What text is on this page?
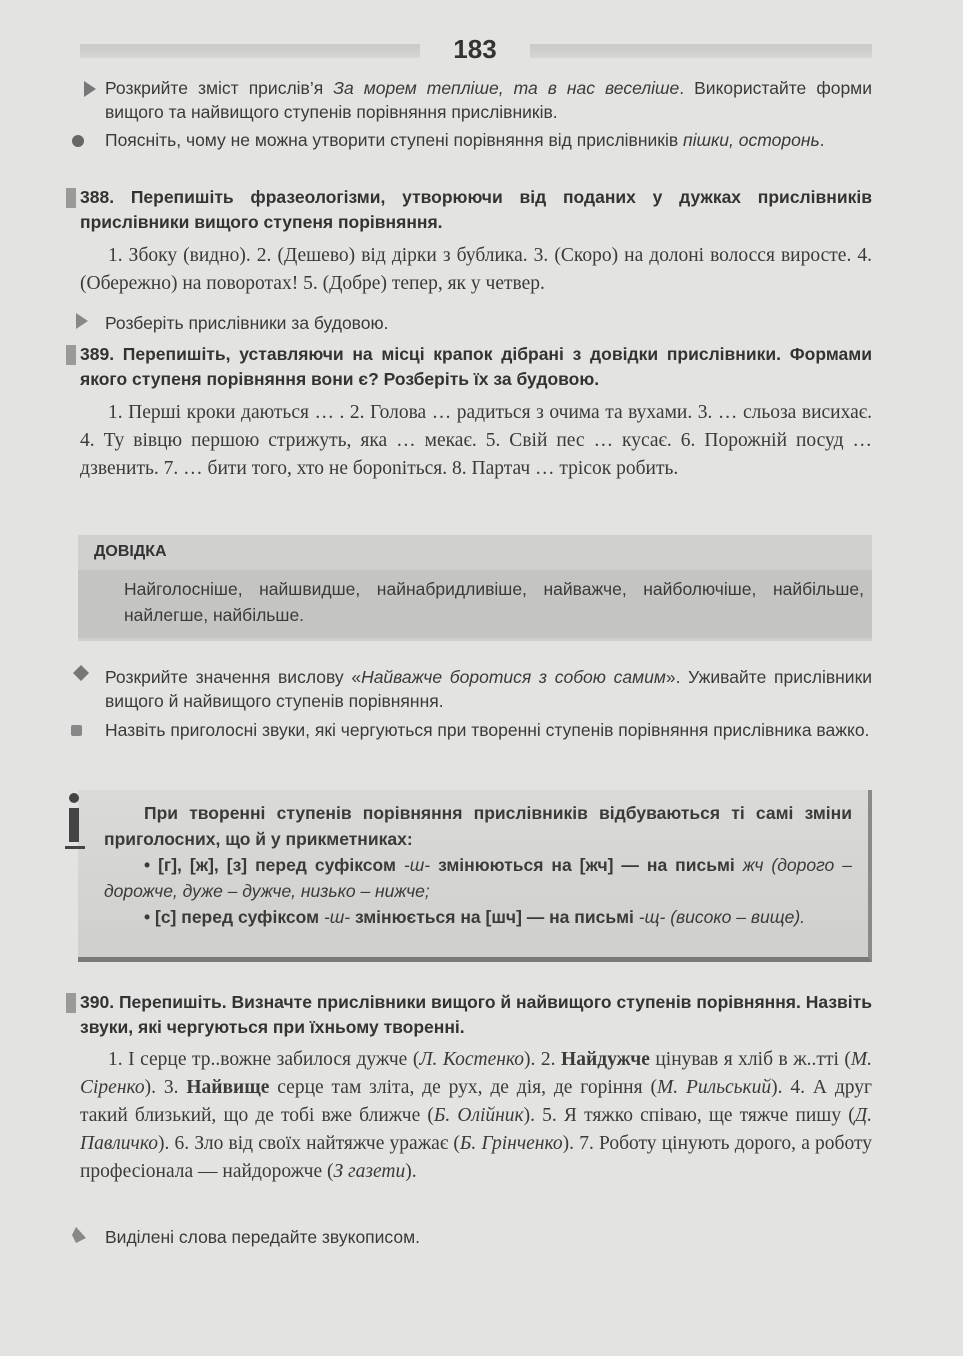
183
Розкрийте зміст прислів’я За морем тепліше, та в нас веселіше. Використайте форми вищого та найвищого ступенів порівняння прислівників.
Поясніть, чому не можна утворити ступені порівняння від прислівників пішки, осторонь.
388. Перепишіть фразеологізми, утворюючи від поданих у дужках прислівників прислівники вищого ступеня порівняння.
1. Збоку (видно). 2. (Дешево) від дірки з бублика. 3. (Скоро) на долоні волосся виросте. 4. (Обережно) на поворотах! 5. (Добре) тепер, як у четвер.
Розберіть прислівники за будовою.
389. Перепишіть, уставляючи на місці крапок дібрані з довідки прислівники. Формами якого ступеня порівняння вони є? Розберіть їх за будовою.
1. Перші кроки даються … . 2. Голова … радиться з очима та вухами. 3. … сльоза висихає. 4. Ту вівцю першою стрижуть, яка … мекає. 5. Свій пес … кусає. 6. Порожній посуд … дзвенить. 7. … бити того, хто не бороniться. 8. Партач … трісок робить.
ДОВІДКА
Найголосніше, найшвидше, найнабридливіше, найважче, найболючіше, найбільше, найлегше, найбільше.
Розкрийте значення вислову «Найважче боротися з собою самим». Уживайте прислівники вищого й найвищого ступенів порівняння.
Назвіть приголосні звуки, які чергуються при творенні ступенів порівняння прислівника важко.
При творенні ступенів порівняння прислівників відбуваються ті самі зміни приголосних, що й у прикметниках:
• [г], [ж], [з] перед суфіксом -ш- змінюються на [жч] — на письмі жч (дорого – дорожче, дуже – дужче, низько – нижче;
• [с] перед суфіксом -ш- змінюється на [шч] — на письмі -щ- (високо – вище).
390. Перепишіть. Визначте прислівники вищого й найвищого ступенів порівняння. Назвіть звуки, які чергуються при їхньому творенні.
1. І серце тр..вожне забилося дужче (Л. Костенко). 2. Найдужче цінував я хліб в ж..тті (М. Сіренко). 3. Найвище серце там зліта, де рух, де дія, де горіння (М. Рильський). 4. А друг такий близький, що де тобі вже ближче (Б. Олійник). 5. Я тяжко співаю, ще тяжче пишу (Д. Павличко). 6. Зло від своїх найтяжче уражає (Б. Грінченко). 7. Роботу цінують дорого, а роботу професіонала — найдорожче (З газети).
Виділені слова передайте звукописом.
